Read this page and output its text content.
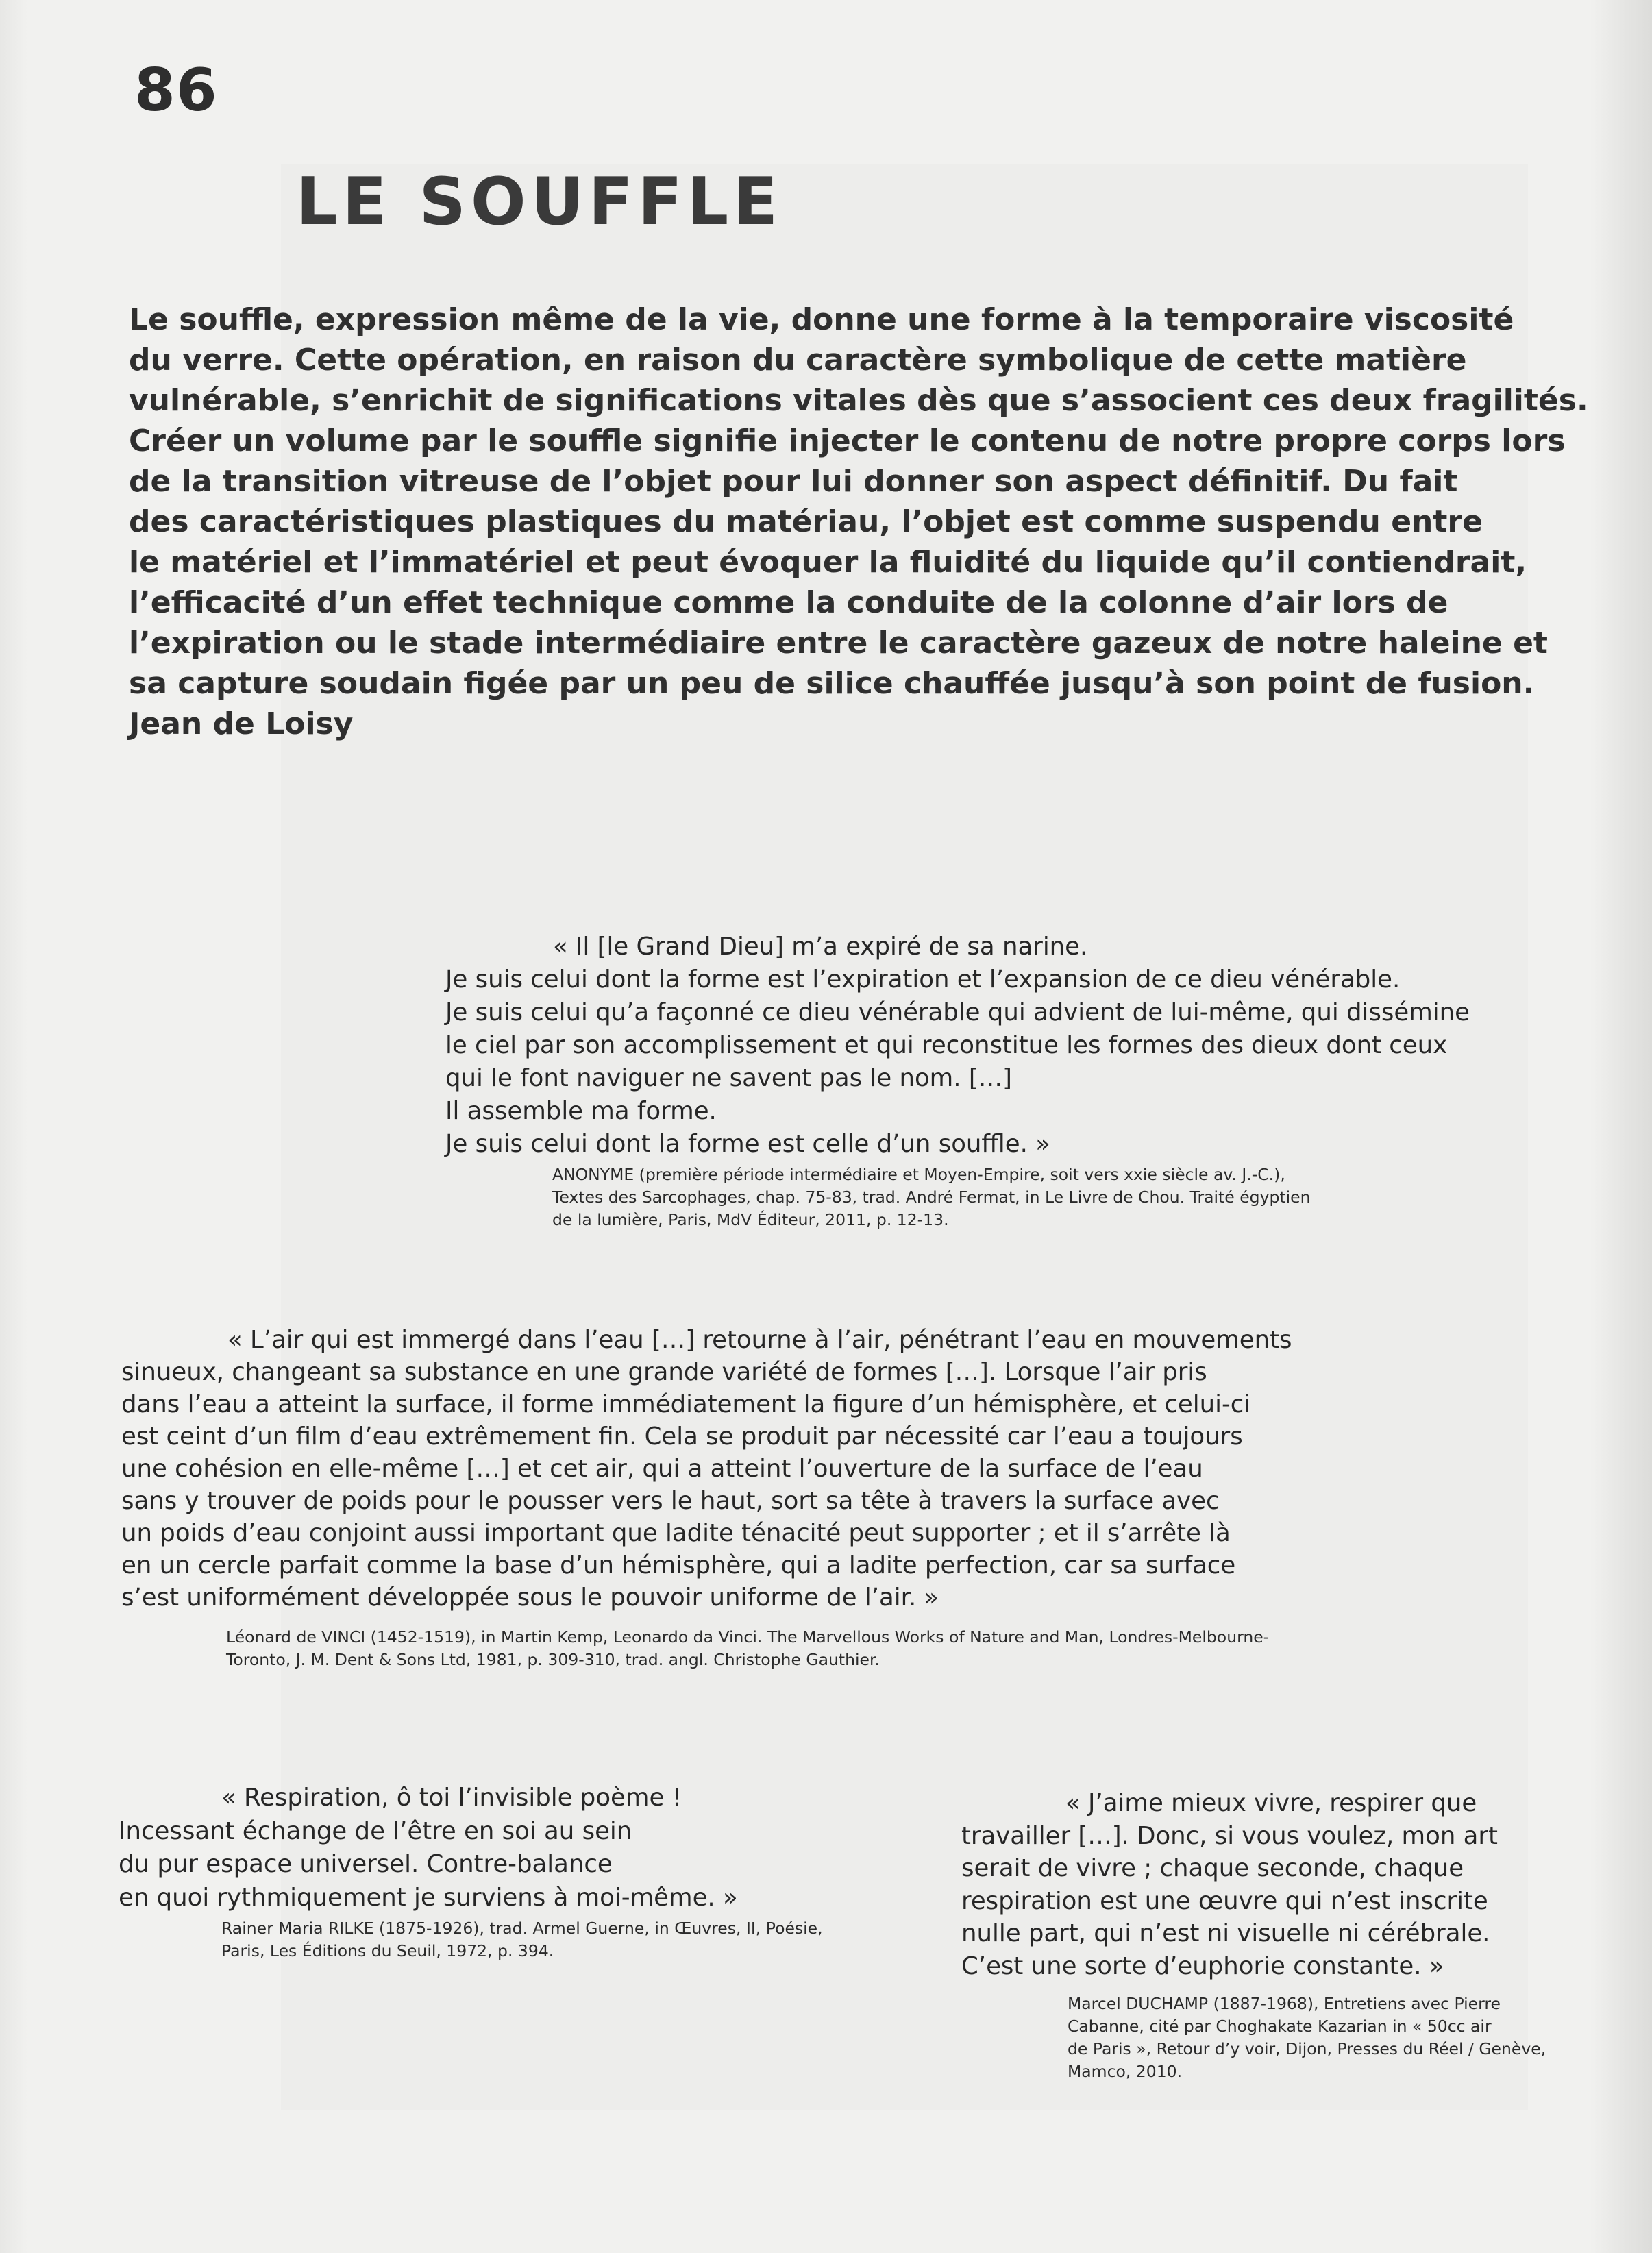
86
LE SOUFFLE
Le souffle, expression même de la vie, donne une forme à la temporaire viscosité
du verre. Cette opération, en raison du caractère symbolique de cette matière
vulnérable, s’enrichit de significations vitales dès que s’associent ces deux fragilités.
Créer un volume par le souffle signifie injecter le contenu de notre propre corps lors
de la transition vitreuse de l’objet pour lui donner son aspect définitif. Du fait
des caractéristiques plastiques du matériau, l’objet est comme suspendu entre
le matériel et l’immatériel et peut évoquer la fluidité du liquide qu’il contiendrait,
l’efficacité d’un effet technique comme la conduite de la colonne d’air lors de
l’expiration ou le stade intermédiaire entre le caractère gazeux de notre haleine et
sa capture soudain figée par un peu de silice chauffée jusqu’à son point de fusion.
Jean de Loisy
« Il [le Grand Dieu] m’a expiré de sa narine.
Je suis celui dont la forme est l’expiration et l’expansion de ce dieu vénérable.
Je suis celui qu’a façonné ce dieu vénérable qui advient de lui-même, qui dissémine
le ciel par son accomplissement et qui reconstitue les formes des dieux dont ceux
qui le font naviguer ne savent pas le nom. […]
Il assemble ma forme.
Je suis celui dont la forme est celle d’un souffle. »
ANONYME (première période intermédiaire et Moyen-Empire, soit vers xxie siècle av. J.-C.),
Textes des Sarcophages, chap. 75-83, trad. André Fermat, in Le Livre de Chou. Traité égyptien
de la lumière, Paris, MdV Éditeur, 2011, p. 12-13.
« L’air qui est immergé dans l’eau […] retourne à l’air, pénétrant l’eau en mouvements
sinueux, changeant sa substance en une grande variété de formes […]. Lorsque l’air pris
dans l’eau a atteint la surface, il forme immédiatement la figure d’un hémisphère, et celui-ci
est ceint d’un film d’eau extrêmement fin. Cela se produit par nécessité car l’eau a toujours
une cohésion en elle-même […] et cet air, qui a atteint l’ouverture de la surface de l’eau
sans y trouver de poids pour le pousser vers le haut, sort sa tête à travers la surface avec
un poids d’eau conjoint aussi important que ladite ténacité peut supporter ; et il s’arrête là
en un cercle parfait comme la base d’un hémisphère, qui a ladite perfection, car sa surface
s’est uniformément développée sous le pouvoir uniforme de l’air. »
Léonard de VINCI (1452-1519), in Martin Kemp, Leonardo da Vinci. The Marvellous Works of Nature and Man, Londres-Melbourne-
Toronto, J. M. Dent & Sons Ltd, 1981, p. 309-310, trad. angl. Christophe Gauthier.
« Respiration, ô toi l’invisible poème !
Incessant échange de l’être en soi au sein
du pur espace universel. Contre-balance
en quoi rythmiquement je surviens à moi-même. »
Rainer Maria RILKE (1875-1926), trad. Armel Guerne, in Œuvres, II, Poésie,
Paris, Les Éditions du Seuil, 1972, p. 394.
« J’aime mieux vivre, respirer que
travailler […]. Donc, si vous voulez, mon art
serait de vivre ; chaque seconde, chaque
respiration est une œuvre qui n’est inscrite
nulle part, qui n’est ni visuelle ni cérébrale.
C’est une sorte d’euphorie constante. »
Marcel DUCHAMP (1887-1968), Entretiens avec Pierre
Cabanne, cité par Choghakate Kazarian in « 50cc air
de Paris », Retour d’y voir, Dijon, Presses du Réel / Genève,
Mamco, 2010.
